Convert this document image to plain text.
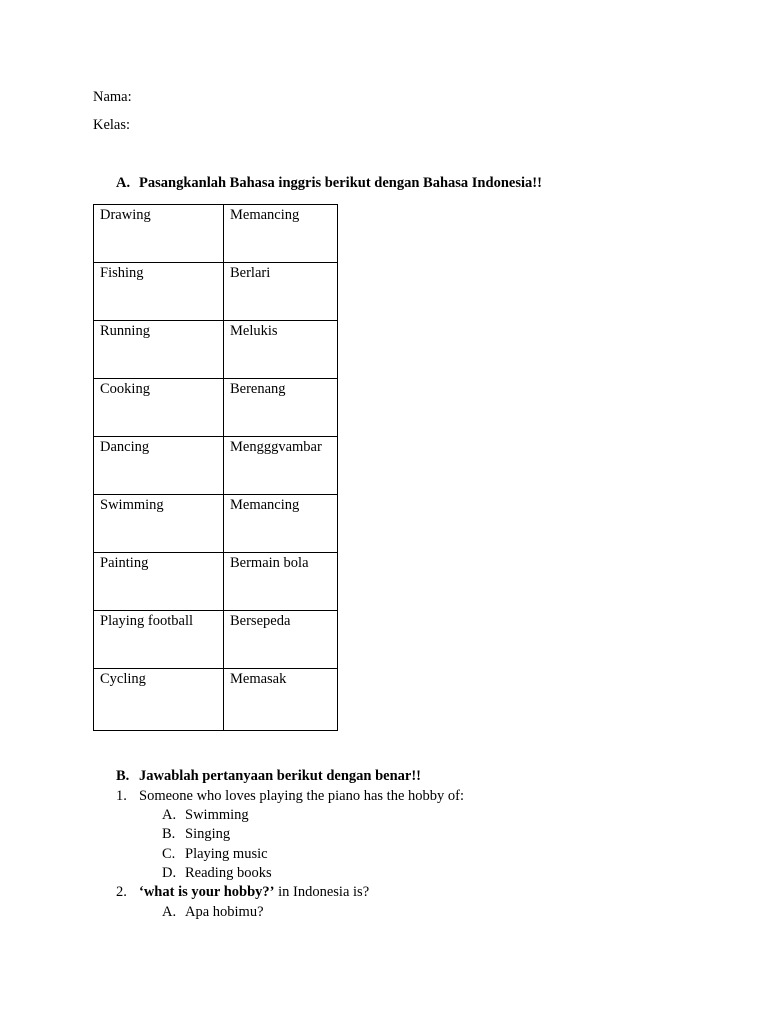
Nama:
Kelas:
A. Pasangkanlah Bahasa inggris berikut dengan Bahasa Indonesia!!
Drawing	Memancing
Fishing	Berlari
Running	Melukis
Cooking	Berenang
Dancing	Mengggvambar
Swimming	Memancing
Painting	Bermain bola
Playing football	Bersepeda
Cycling	Memasak
B. Jawablah pertanyaan berikut dengan benar!!
1. Someone who loves playing the piano has the hobby of:
A. Swimming
B. Singing
C. Playing music
D. Reading books
2. ‘what is your hobby?’ in Indonesia is?
A. Apa hobimu?
